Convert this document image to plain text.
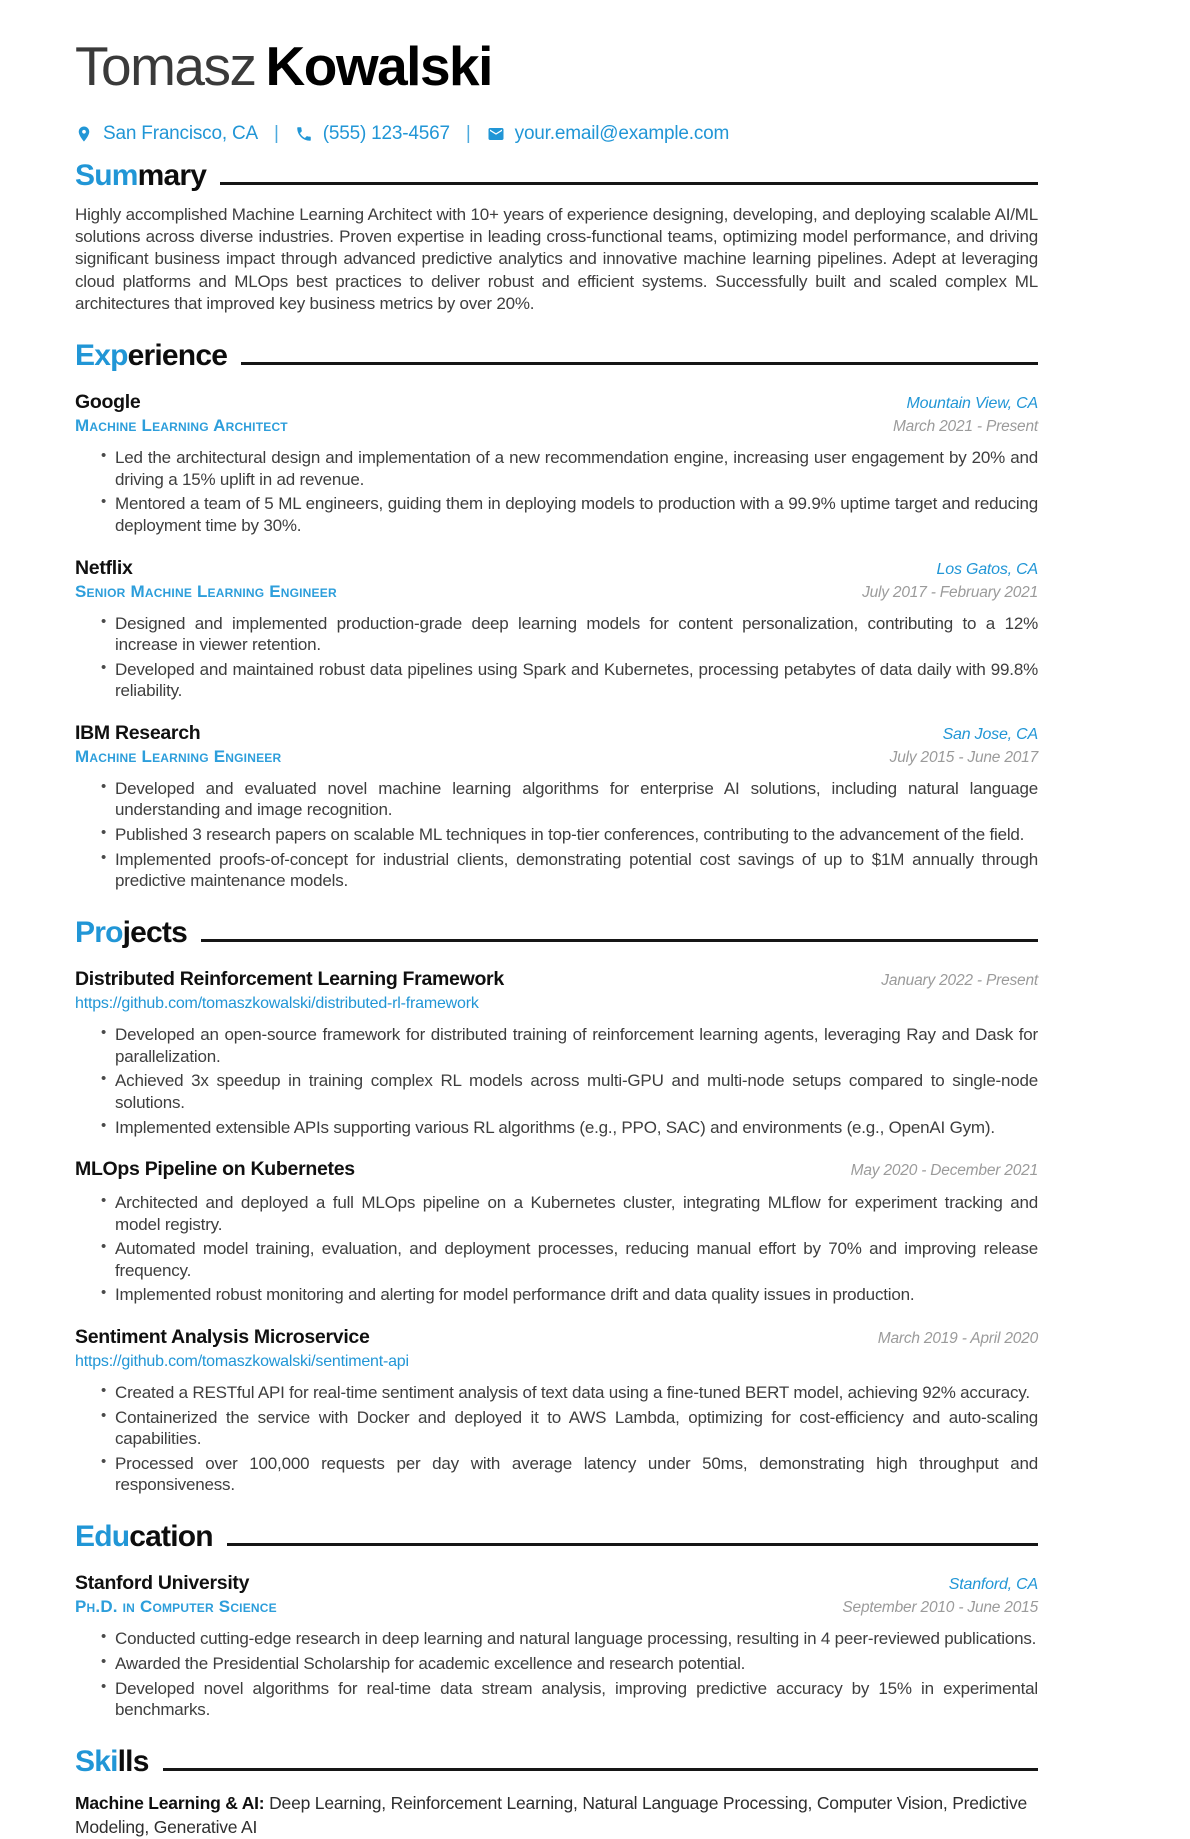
Tomasz Kowalski
San Francisco, CA | (555) 123-4567 | your.email@example.com
Summary
Highly accomplished Machine Learning Architect with 10+ years of experience designing, developing, and deploying scalable AI/ML solutions across diverse industries. Proven expertise in leading cross-functional teams, optimizing model performance, and driving significant business impact through advanced predictive analytics and innovative machine learning pipelines. Adept at leveraging cloud platforms and MLOps best practices to deliver robust and efficient systems. Successfully built and scaled complex ML architectures that improved key business metrics by over 20%.
Experience
Google	Mountain View, CA
Machine Learning Architect	March 2021 - Present
• Led the architectural design and implementation of a new recommendation engine, increasing user engagement by 20% and driving a 15% uplift in ad revenue.
• Mentored a team of 5 ML engineers, guiding them in deploying models to production with a 99.9% uptime target and reducing deployment time by 30%.
Netflix	Los Gatos, CA
Senior Machine Learning Engineer	July 2017 - February 2021
• Designed and implemented production-grade deep learning models for content personalization, contributing to a 12% increase in viewer retention.
• Developed and maintained robust data pipelines using Spark and Kubernetes, processing petabytes of data daily with 99.8% reliability.
IBM Research	San Jose, CA
Machine Learning Engineer	July 2015 - June 2017
• Developed and evaluated novel machine learning algorithms for enterprise AI solutions, including natural language understanding and image recognition.
• Published 3 research papers on scalable ML techniques in top-tier conferences, contributing to the advancement of the field.
• Implemented proofs-of-concept for industrial clients, demonstrating potential cost savings of up to $1M annually through predictive maintenance models.
Projects
Distributed Reinforcement Learning Framework	January 2022 - Present
https://github.com/tomaszkowalski/distributed-rl-framework
• Developed an open-source framework for distributed training of reinforcement learning agents, leveraging Ray and Dask for parallelization.
• Achieved 3x speedup in training complex RL models across multi-GPU and multi-node setups compared to single-node solutions.
• Implemented extensible APIs supporting various RL algorithms (e.g., PPO, SAC) and environments (e.g., OpenAI Gym).
MLOps Pipeline on Kubernetes	May 2020 - December 2021
• Architected and deployed a full MLOps pipeline on a Kubernetes cluster, integrating MLflow for experiment tracking and model registry.
• Automated model training, evaluation, and deployment processes, reducing manual effort by 70% and improving release frequency.
• Implemented robust monitoring and alerting for model performance drift and data quality issues in production.
Sentiment Analysis Microservice	March 2019 - April 2020
https://github.com/tomaszkowalski/sentiment-api
• Created a RESTful API for real-time sentiment analysis of text data using a fine-tuned BERT model, achieving 92% accuracy.
• Containerized the service with Docker and deployed it to AWS Lambda, optimizing for cost-efficiency and auto-scaling capabilities.
• Processed over 100,000 requests per day with average latency under 50ms, demonstrating high throughput and responsiveness.
Education
Stanford University	Stanford, CA
Ph.D. in Computer Science	September 2010 - June 2015
• Conducted cutting-edge research in deep learning and natural language processing, resulting in 4 peer-reviewed publications.
• Awarded the Presidential Scholarship for academic excellence and research potential.
• Developed novel algorithms for real-time data stream analysis, improving predictive accuracy by 15% in experimental benchmarks.
Skills
Machine Learning & AI: Deep Learning, Reinforcement Learning, Natural Language Processing, Computer Vision, Predictive Modeling, Generative AI
